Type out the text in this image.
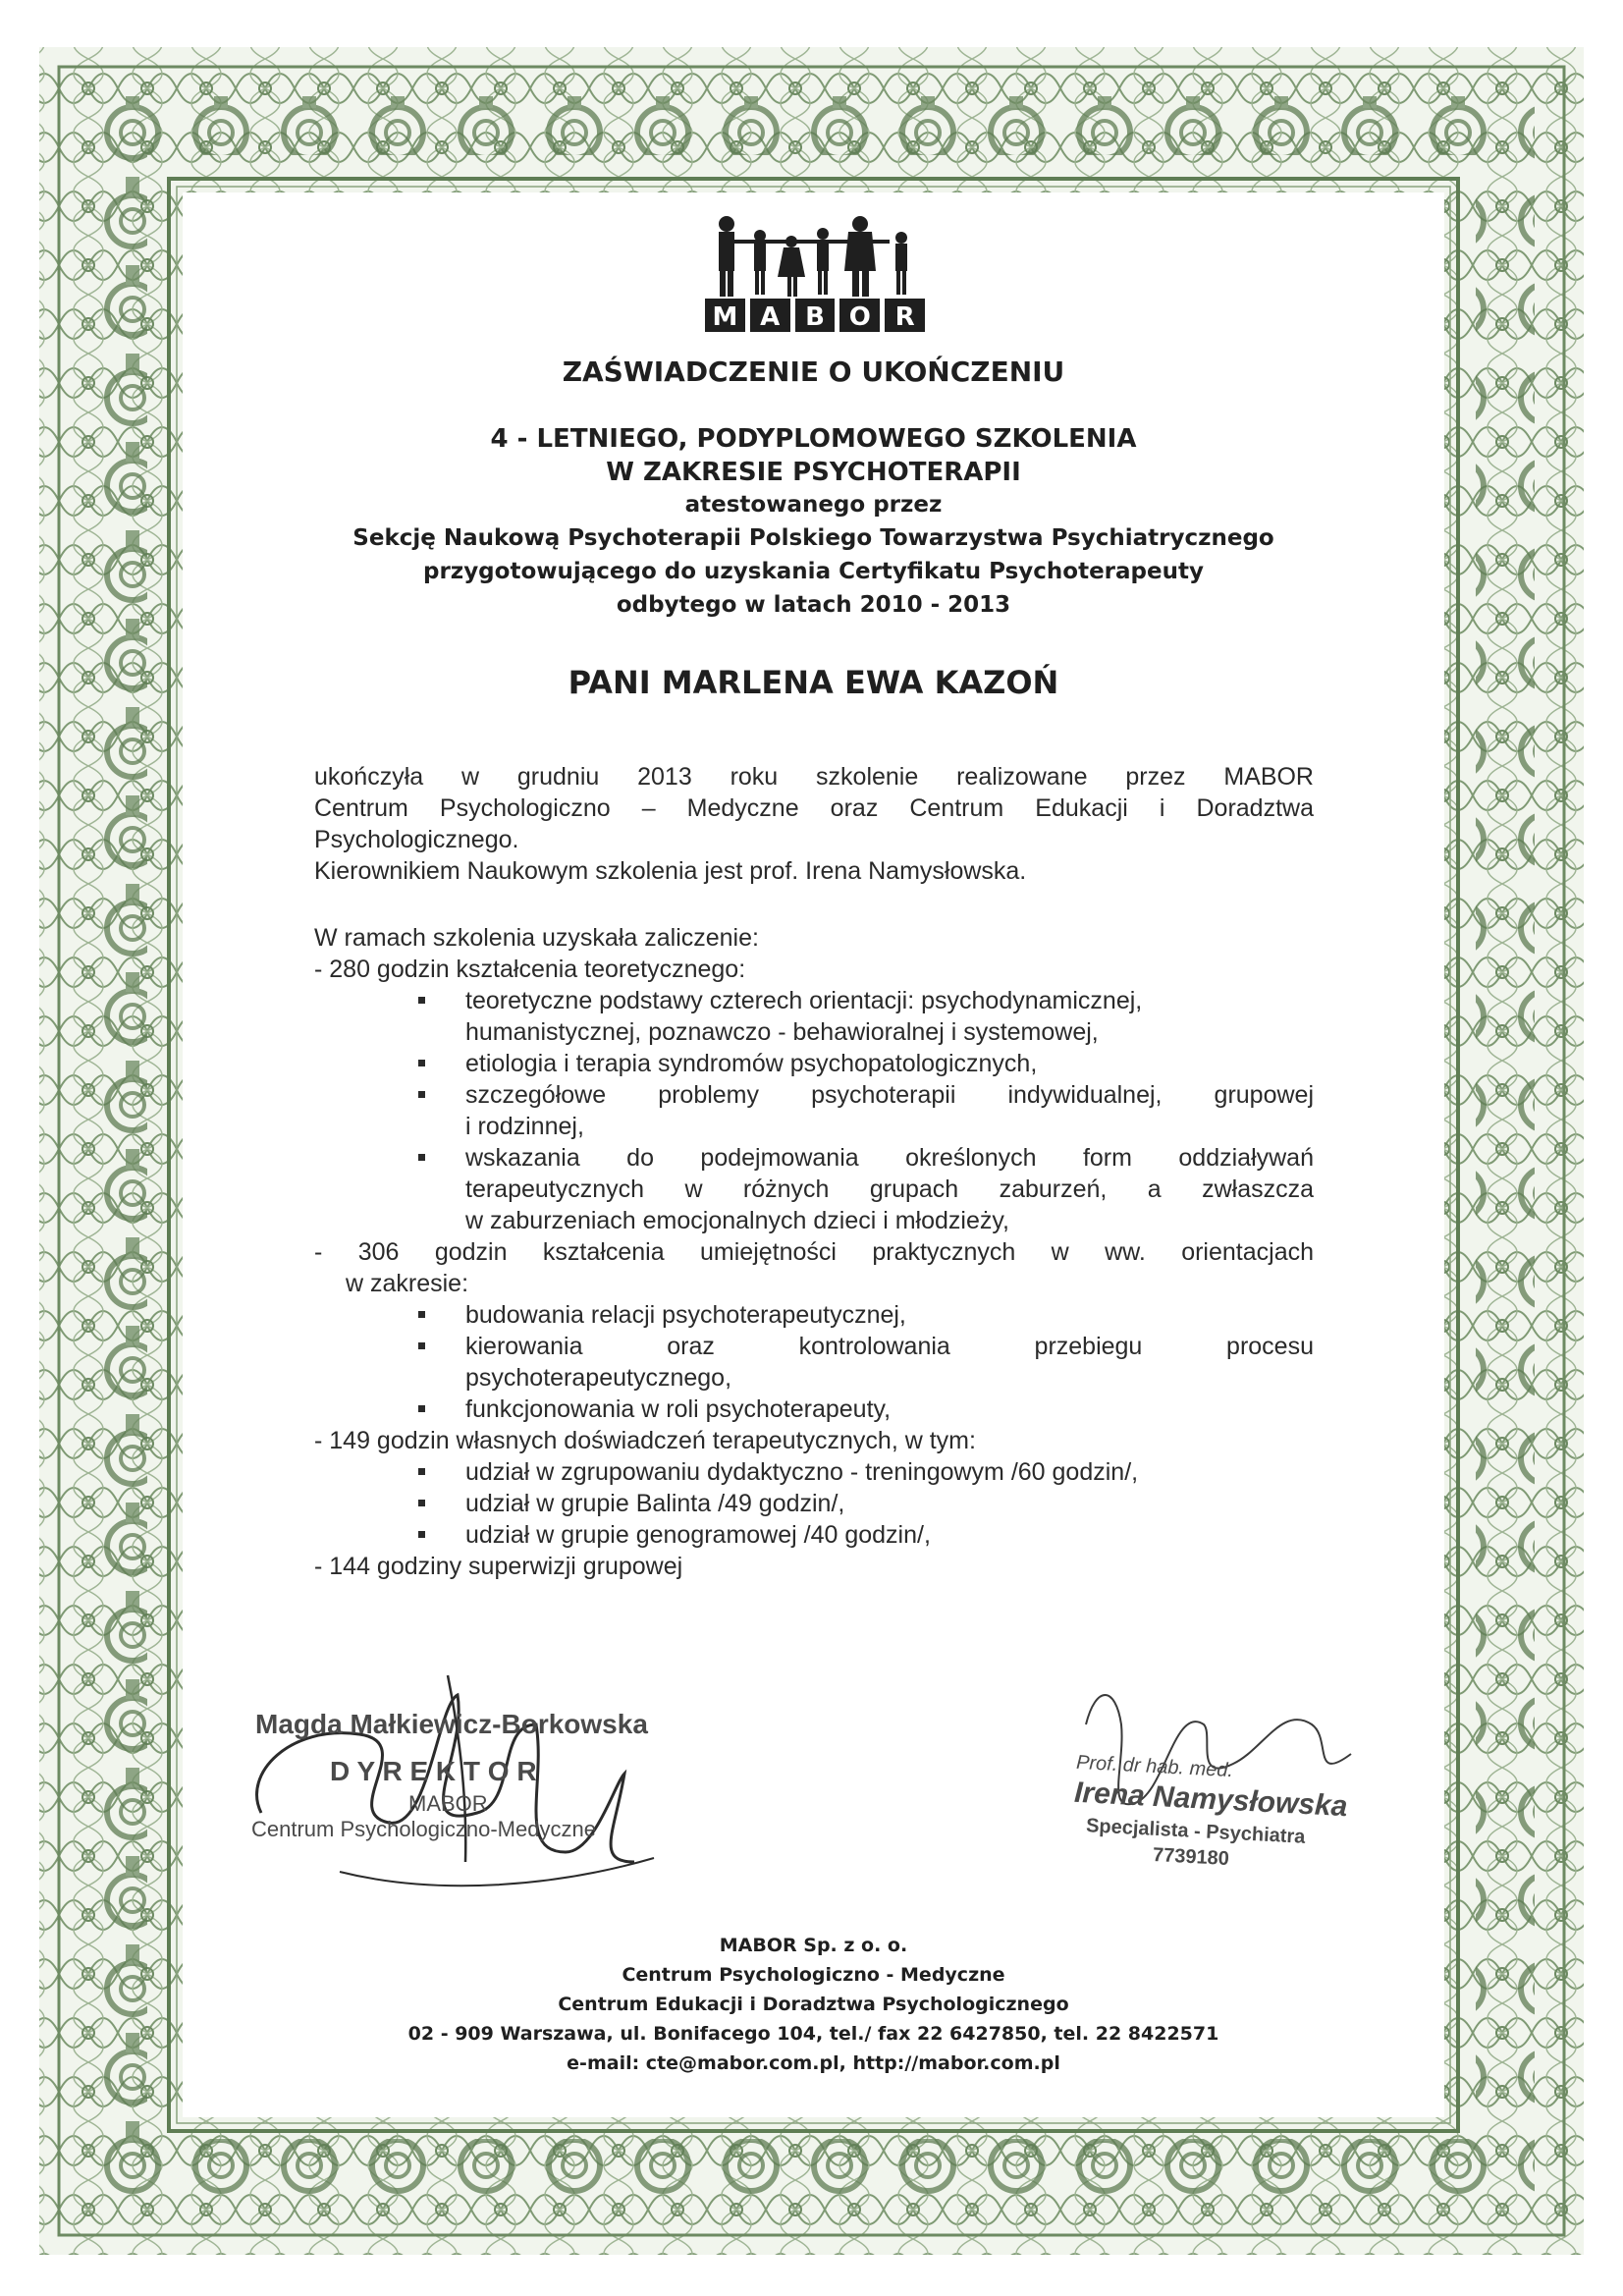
M A B O R
ZAŚWIADCZENIE O UKOŃCZENIU
4 - LETNIEGO, PODYPLOMOWEGO SZKOLENIA
W ZAKRESIE PSYCHOTERAPII
atestowanego przez
Sekcję Naukową Psychoterapii Polskiego Towarzystwa Psychiatrycznego
przygotowującego do uzyskania Certyfikatu Psychoterapeuty
odbytego w latach 2010 - 2013
PANI MARLENA EWA KAZOŃ
ukończyła w grudniu 2013 roku szkolenie realizowane przez MABOR
Centrum Psychologiczno – Medyczne oraz Centrum Edukacji i Doradztwa
Psychologicznego.
Kierownikiem Naukowym szkolenia jest prof. Irena Namysłowska.
W ramach szkolenia uzyskała zaliczenie:
- 280 godzin kształcenia teoretycznego:
teoretyczne podstawy czterech orientacji: psychodynamicznej,
humanistycznej, poznawczo - behawioralnej i systemowej,
etiologia i terapia syndromów psychopatologicznych,
szczegółowe problemy psychoterapii indywidualnej, grupowej
i rodzinnej,
wskazania do podejmowania określonych form oddziaływań
terapeutycznych w różnych grupach zaburzeń, a zwłaszcza
w zaburzeniach emocjonalnych dzieci i młodzieży,
- 306 godzin kształcenia umiejętności praktycznych w ww. orientacjach
w zakresie:
budowania relacji psychoterapeutycznej,
kierowania oraz kontrolowania przebiegu procesu
psychoterapeutycznego,
funkcjonowania w roli psychoterapeuty,
- 149 godzin własnych doświadczeń terapeutycznych, w tym:
udział w zgrupowaniu dydaktyczno - treningowym /60 godzin/,
udział w grupie Balinta /49 godzin/,
udział w grupie genogramowej /40 godzin/,
- 144 godziny superwizji grupowej
Magda Małkiewicz-Borkowska
D Y R E K T O R
MABOR
Centrum Psychologiczno-Medyczne
Prof. dr hab. med.
Irena Namysłowska
Specjalista - Psychiatra
7739180
MABOR Sp. z o. o.
Centrum Psychologiczno - Medyczne
Centrum Edukacji i Doradztwa Psychologicznego
02 - 909 Warszawa, ul. Bonifacego 104, tel./ fax 22 6427850, tel. 22 8422571
e-mail: cte@mabor.com.pl, http://mabor.com.pl
